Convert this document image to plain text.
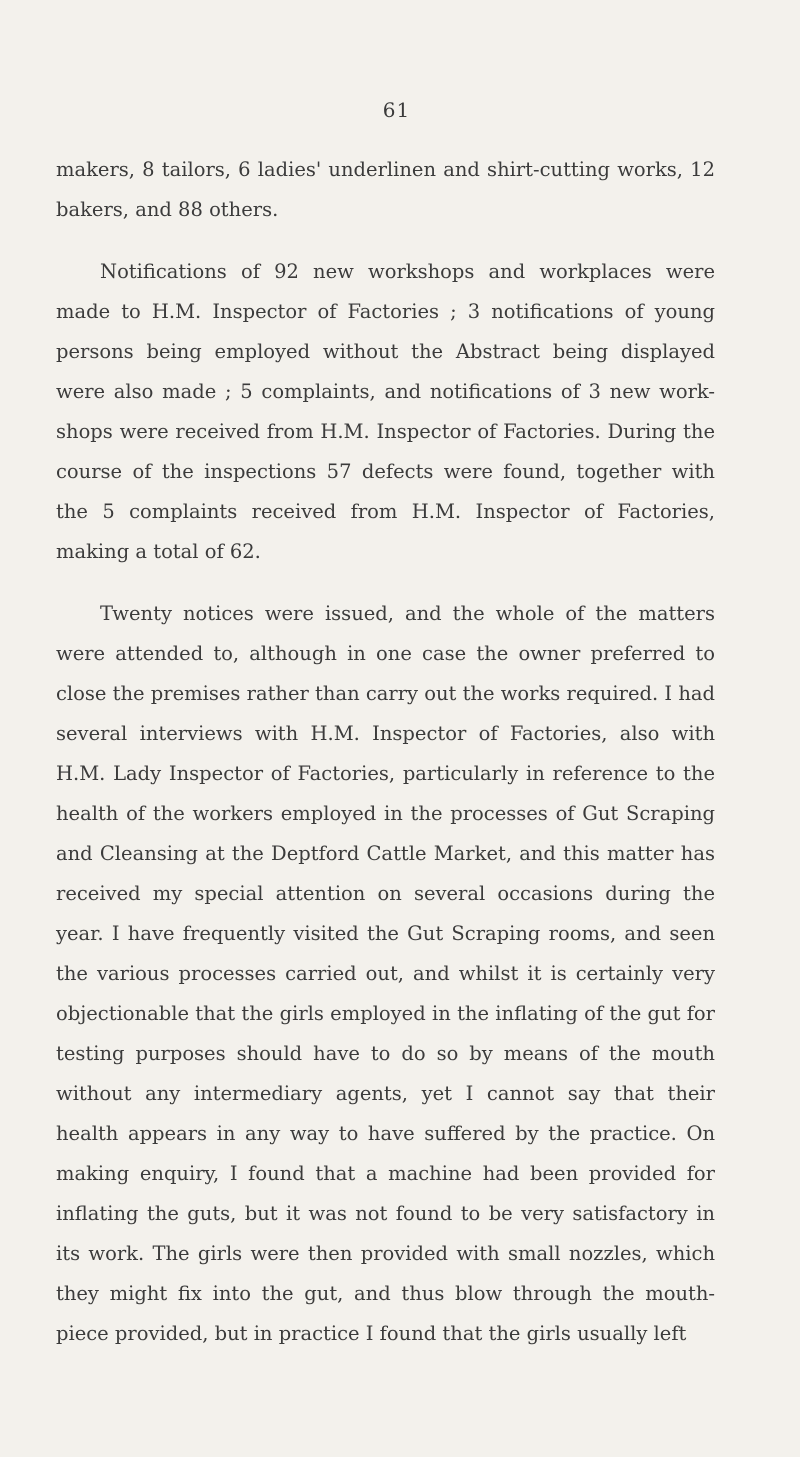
61

makers, 8 tailors, 6 ladies' underlinen and shirt-cutting works, 12 bakers, and 88 others.

Notifications of 92 new workshops and workplaces were made to H.M. Inspector of Factories ; 3 notifications of young persons being employed without the Abstract being displayed were also made ; 5 complaints, and notifications of 3 new work-shops were received from H.M. Inspector of Factories. During the course of the inspections 57 defects were found, together with the 5 complaints received from H.M. Inspector of Factories, making a total of 62.

Twenty notices were issued, and the whole of the matters were attended to, although in one case the owner preferred to close the premises rather than carry out the works required. I had several interviews with H.M. Inspector of Factories, also with H.M. Lady Inspector of Factories, particularly in reference to the health of the workers employed in the processes of Gut Scraping and Cleansing at the Deptford Cattle Market, and this matter has received my special attention on several occasions during the year. I have frequently visited the Gut Scraping rooms, and seen the various processes carried out, and whilst it is certainly very objectionable that the girls employed in the inflating of the gut for testing purposes should have to do so by means of the mouth without any intermediary agents, yet I cannot say that their health appears in any way to have suffered by the practice. On making enquiry, I found that a machine had been provided for inflating the guts, but it was not found to be very satisfactory in its work. The girls were then provided with small nozzles, which they might fix into the gut, and thus blow through the mouth-piece provided, but in practice I found that the girls usually left
